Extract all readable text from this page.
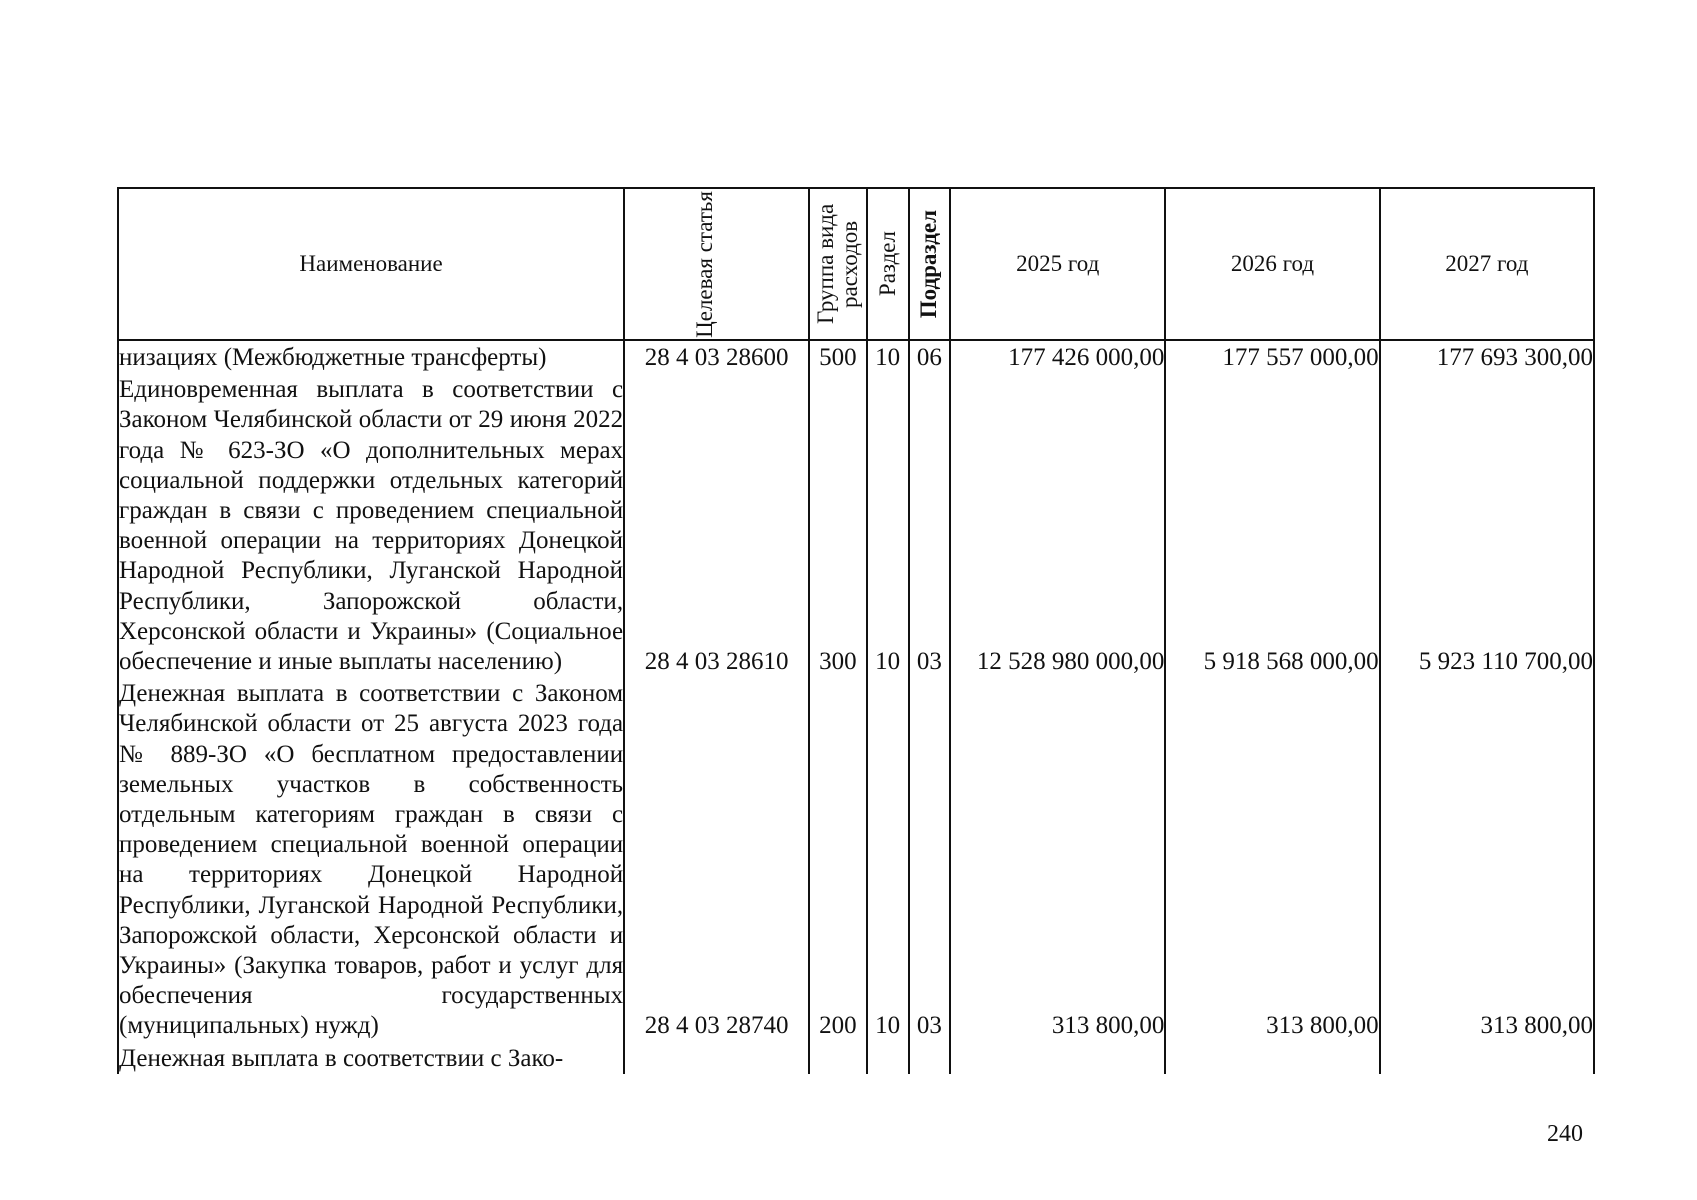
Наименование	Целевая статья	Группа вида расходов	Раздел	Подраздел	2025 год	2026 год	2027 год
низациях (Межбюджетные трансферты)	28 4 03 28600	500	10	06	177 426 000,00	177 557 000,00	177 693 300,00
Единовременная выплата в соответствии с Законом Челябинской области от 29 июня 2022 года № 623-ЗО «О дополнительных мерах социальной поддержки отдельных категорий граждан в связи с проведением специальной военной операции на территориях Донецкой Народной Республики, Луганской Народной Республики, Запорожской области, Херсонской области и Украины» (Социальное обеспечение и иные выплаты населению)	28 4 03 28610	300	10	03	12 528 980 000,00	5 918 568 000,00	5 923 110 700,00
Денежная выплата в соответствии с Законом Челябинской области от 25 августа 2023 года № 889-ЗО «О бесплатном предоставлении земельных участков в собственность отдельным категориям граждан в связи с проведением специальной военной операции на территориях Донецкой Народной Республики, Луганской Народной Республики, Запорожской области, Херсонской области и Украины» (Закупка товаров, работ и услуг для обеспечения государственных (муниципальных) нужд)	28 4 03 28740	200	10	03	313 800,00	313 800,00	313 800,00
Денежная выплата в соответствии с Зако-							
240
